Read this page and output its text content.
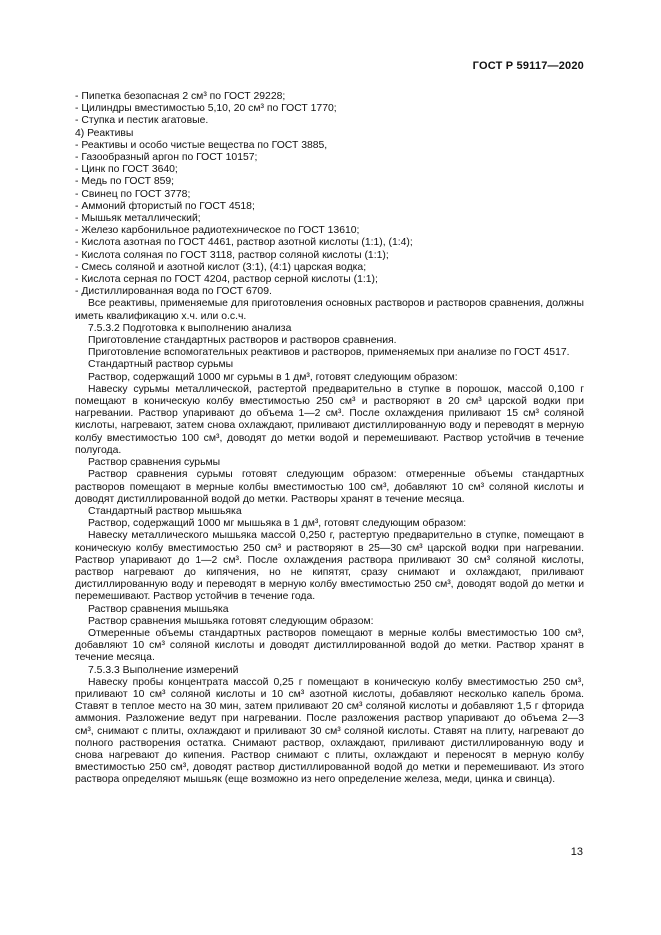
ГОСТ Р 59117—2020
- Пипетка безопасная 2 см³ по ГОСТ 29228;
- Цилиндры вместимостью 5,10, 20 см³ по ГОСТ 1770;
- Ступка и пестик агатовые.
4) Реактивы
- Реактивы и особо чистые вещества по ГОСТ 3885,
- Газообразный аргон по ГОСТ 10157;
- Цинк по ГОСТ 3640;
- Медь по ГОСТ 859;
- Свинец по ГОСТ 3778;
- Аммоний фтористый по ГОСТ 4518;
- Мышьяк металлический;
- Железо карбонильное радиотехническое по ГОСТ 13610;
- Кислота азотная по ГОСТ 4461, раствор азотной кислоты (1:1), (1:4);
- Кислота соляная по ГОСТ 3118, раствор соляной кислоты (1:1);
- Смесь соляной и азотной кислот (3:1), (4:1) царская водка;
- Кислота серная по ГОСТ 4204, раствор серной кислоты (1:1);
- Дистиллированная вода по ГОСТ 6709.

Все реактивы, применяемые для приготовления основных растворов и растворов сравнения, должны иметь квалификацию х.ч. или о.с.ч.

7.5.3.2 Подготовка к выполнению анализа

Приготовление стандартных растворов и растворов сравнения.

Приготовление вспомогательных реактивов и растворов, применяемых при анализе по ГОСТ 4517.

Стандартный раствор сурьмы

Раствор, содержащий 1000 мг сурьмы в 1 дм³, готовят следующим образом:

Навеску сурьмы металлической, растертой предварительно в ступке в порошок, массой 0,100 г помещают в коническую колбу вместимостью 250 см³ и растворяют в 20 см³ царской водки при нагревании. Раствор упаривают до объема 1—2 см³. После охлаждения приливают 15 см³ соляной кислоты, нагревают, затем снова охлаждают, приливают дистиллированную воду и переводят в мерную колбу вместимостью 100 см³, доводят до метки водой и перемешивают. Раствор устойчив в течение полугода.

Раствор сравнения сурьмы

Раствор сравнения сурьмы готовят следующим образом: отмеренные объемы стандартных растворов помещают в мерные колбы вместимостью 100 см³, добавляют 10 см³ соляной кислоты и доводят дистиллированной водой до метки. Растворы хранят в течение месяца.

Стандартный раствор мышьяка

Раствор, содержащий 1000 мг мышьяка в 1 дм³, готовят следующим образом:

Навеску металлического мышьяка массой 0,250 г, растертую предварительно в ступке, помещают в коническую колбу вместимостью 250 см³ и растворяют в 25—30 см³ царской водки при нагревании. Раствор упаривают до 1—2 см³. После охлаждения раствора приливают 30 см³ соляной кислоты, раствор нагревают до кипячения, но не кипятят, сразу снимают и охлаждают, приливают дистиллированную воду и переводят в мерную колбу вместимостью 250 см³, доводят водой до метки и перемешивают. Раствор устойчив в течение года.

Раствор сравнения мышьяка

Раствор сравнения мышьяка готовят следующим образом:

Отмеренные объемы стандартных растворов помещают в мерные колбы вместимостью 100 см³, добавляют 10 см³ соляной кислоты и доводят дистиллированной водой до метки. Раствор хранят в течение месяца.

7.5.3.3 Выполнение измерений

Навеску пробы концентрата массой 0,25 г помещают в коническую колбу вместимостью 250 см³, приливают 10 см³ соляной кислоты и 10 см³ азотной кислоты, добавляют несколько капель брома. Ставят в теплое место на 30 мин, затем приливают 20 см³ соляной кислоты и добавляют 1,5 г фторида аммония. Разложение ведут при нагревании. После разложения раствор упаривают до объема 2—3 см³, снимают с плиты, охлаждают и приливают 30 см³ соляной кислоты. Ставят на плиту, нагревают до полного растворения остатка. Снимают раствор, охлаждают, приливают дистиллированную воду и снова нагревают до кипения. Раствор снимают с плиты, охлаждают и переносят в мерную колбу вместимостью 250 см³, доводят раствор дистиллированной водой до метки и перемешивают. Из этого раствора определяют мышьяк (еще возможно из него определение железа, меди, цинка и свинца).

13
